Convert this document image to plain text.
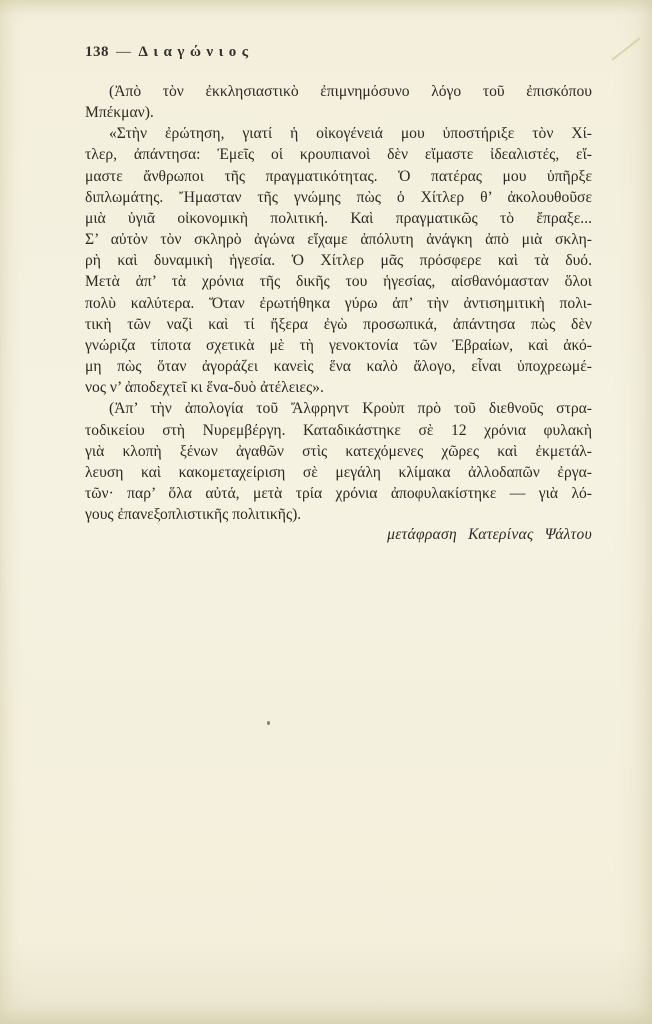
138 — Διαγώνιος
(Ἀπὸ τὸν ἐκκλησιαστικὸ ἐπιμνημόσυνο λόγο τοῦ ἐπισκόπου
Μπέκμαν).
«Στὴν ἐρώτηση, γιατί ἡ οἰκογένειά μου ὑποστήριξε τὸν Χί-
τλερ, ἀπάντησα: Ἐμεῖς οἱ κρουπιανοὶ δὲν εἴμαστε ἰδεαλιστές, εἴ-
μαστε ἄνθρωποι τῆς πραγματικότητας. Ὁ πατέρας μου ὑπῆρξε
διπλωμάτης. Ἤμασταν τῆς γνώμης πὼς ὁ Χίτλερ θ’ ἀκολουθοῦσε
μιὰ ὑγιᾶ οἰκονομικὴ πολιτική. Καὶ πραγματικῶς τὸ ἔπραξε...
Σ’ αὐτὸν τὸν σκληρὸ ἀγώνα εἴχαμε ἀπόλυτη ἀνάγκη ἀπὸ μιὰ σκλη-
ρὴ καὶ δυναμικὴ ἡγεσία. Ὁ Χίτλερ μᾶς πρόσφερε καὶ τὰ δυό.
Μετὰ ἀπ’ τὰ χρόνια τῆς δικῆς του ἡγεσίας, αἰσθανόμασταν ὅλοι
πολὺ καλύτερα. Ὅταν ἐρωτήθηκα γύρω ἀπ’ τὴν ἀντισημιτικὴ πολι-
τικὴ τῶν ναζὶ καὶ τί ἤξερα ἐγὼ προσωπικά, ἀπάντησα πὼς δὲν
γνώριζα τίποτα σχετικὰ μὲ τὴ γενοκτονία τῶν Ἑβραίων, καὶ ἀκό-
μη πὼς ὅταν ἀγοράζει κανεὶς ἕνα καλὸ ἄλογο, εἶναι ὑποχρεωμέ-
νος ν’ ἀποδεχτεῖ κι ἕνα-δυὸ ἀτέλειες».
(Ἀπ’ τὴν ἀπολογία τοῦ Ἄλφρηντ Κροὺπ πρὸ τοῦ διεθνοῦς στρα-
τοδικείου στὴ Νυρεμβέργη. Καταδικάστηκε σὲ 12 χρόνια φυλακὴ
γιὰ κλοπὴ ξένων ἀγαθῶν στὶς κατεχόμενες χῶρες καὶ ἐκμετάλ-
λευση καὶ κακομεταχείριση σὲ μεγάλη κλίμακα ἀλλοδαπῶν ἐργα-
τῶν· παρ’ ὅλα αὐτά, μετὰ τρία χρόνια ἀποφυλακίστηκε — γιὰ λό-
γους ἐπανεξοπλιστικῆς πολιτικῆς).
μετάφραση Κατερίνας Ψάλτου
